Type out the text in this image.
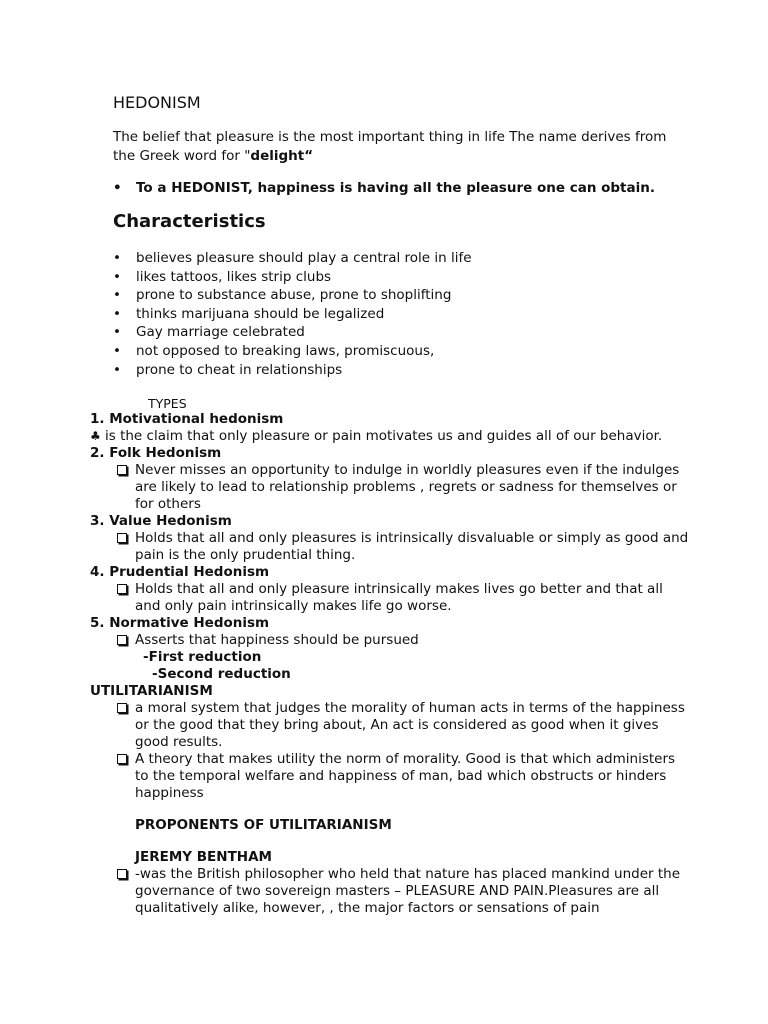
HEDONISM
The belief that pleasure is the most important thing in life The name derives from the Greek word for "delight“
• To a HEDONIST, happiness is having all the pleasure one can obtain.
Characteristics
• believes pleasure should play a central role in life
• likes tattoos, likes strip clubs
• prone to substance abuse, prone to shoplifting
• thinks marijuana should be legalized
• Gay marriage celebrated
• not opposed to breaking laws, promiscuous,
• prone to cheat in relationships
TYPES
1. Motivational hedonism
♣ is the claim that only pleasure or pain motivates us and guides all of our behavior.
2. Folk Hedonism
Never misses an opportunity to indulge in worldly pleasures even if the indulges are likely to lead to relationship problems , regrets or sadness for themselves or for others
3. Value Hedonism
Holds that all and only pleasures is intrinsically disvaluable or simply as good and pain is the only prudential thing.
4. Prudential Hedonism
Holds that all and only pleasure intrinsically makes lives go better and that all and only pain intrinsically makes life go worse.
5. Normative Hedonism
Asserts that happiness should be pursued
-First reduction
-Second reduction
UTILITARIANISM
a moral system that judges the morality of human acts in terms of the happiness or the good that they bring about, An act is considered as good when it gives good results.
A theory that makes utility the norm of morality. Good is that which administers to the temporal welfare and happiness of man, bad which obstructs or hinders happiness
PROPONENTS OF UTILITARIANISM
JEREMY BENTHAM
-was the British philosopher who held that nature has placed mankind under the governance of two sovereign masters – PLEASURE AND PAIN.Pleasures are all qualitatively alike, however, , the major factors or sensations of pain
